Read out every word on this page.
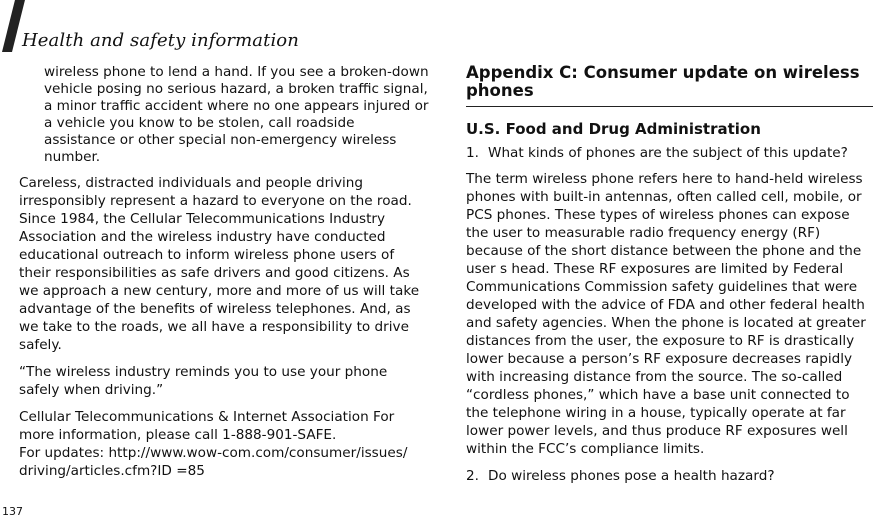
Health and safety information
wireless phone to lend a hand. If you see a broken-down vehicle posing no serious hazard, a broken traffic signal, a minor traffic accident where no one appears injured or a vehicle you know to be stolen, call roadside assistance or other special non-emergency wireless number.

Careless, distracted individuals and people driving irresponsibly represent a hazard to everyone on the road. Since 1984, the Cellular Telecommunications Industry Association and the wireless industry have conducted educational outreach to inform wireless phone users of their responsibilities as safe drivers and good citizens. As we approach a new century, more and more of us will take advantage of the benefits of wireless telephones. And, as we take to the roads, we all have a responsibility to drive safely.

“The wireless industry reminds you to use your phone safely when driving.”

Cellular Telecommunications & Internet Association For more information, please call 1-888-901-SAFE.
For updates: http://www.wow-com.com/consumer/issues/
driving/articles.cfm?ID =85

Appendix C: Consumer update on wireless phones
U.S. Food and Drug Administration
1. What kinds of phones are the subject of this update?

The term wireless phone refers here to hand-held wireless phones with built-in antennas, often called cell, mobile, or PCS phones. These types of wireless phones can expose the user to measurable radio frequency energy (RF) because of the short distance between the phone and the user s head. These RF exposures are limited by Federal Communications Commission safety guidelines that were developed with the advice of FDA and other federal health and safety agencies. When the phone is located at greater distances from the user, the exposure to RF is drastically lower because a person’s RF exposure decreases rapidly with increasing distance from the source. The so-called “cordless phones,” which have a base unit connected to the telephone wiring in a house, typically operate at far lower power levels, and thus produce RF exposures well within the FCC’s compliance limits.

2. Do wireless phones pose a health hazard?
137
